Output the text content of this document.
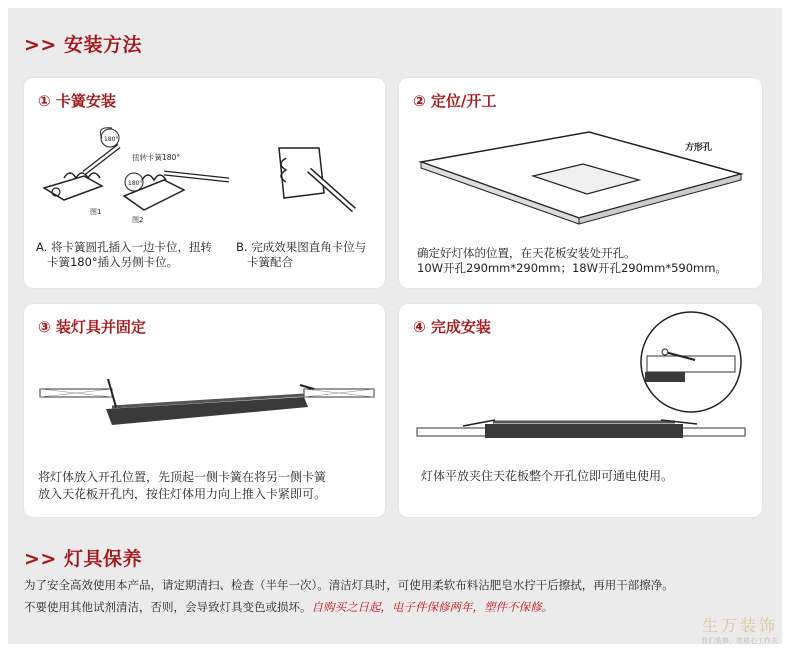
>> 安装方法
① 卡簧安装
180°
图1
180°
图2
扭转卡簧180°
A. 将卡簧圆孔插入一边卡位，扭转
卡簧180°插入另侧卡位。
B. 完成效果图直角卡位与
卡簧配合
② 定位/开工
方形孔
确定好灯体的位置，在天花板安装处开孔。
10W开孔290mm*290mm；18W开孔290mm*590mm。
③ 装灯具并固定
将灯体放入开孔位置，先顶起一侧卡簧在将另一侧卡簧
放入天花板开孔内，按住灯体用力向上推入卡紧即可。
④ 完成安装
灯体平放夹住天花板整个开孔位即可通电使用。
>> 灯具保养
为了安全高效使用本产品，请定期清扫、检查（半年一次）。清洁灯具时，可使用柔软布料沾肥皂水拧干后擦拭，再用干部擦净。
不要使用其他试剂清洁，否则，会导致灯具变色或损坏。自购买之日起，电子件保修两年，塑件不保修。
生万装饰
我们装修，您放心工作去
